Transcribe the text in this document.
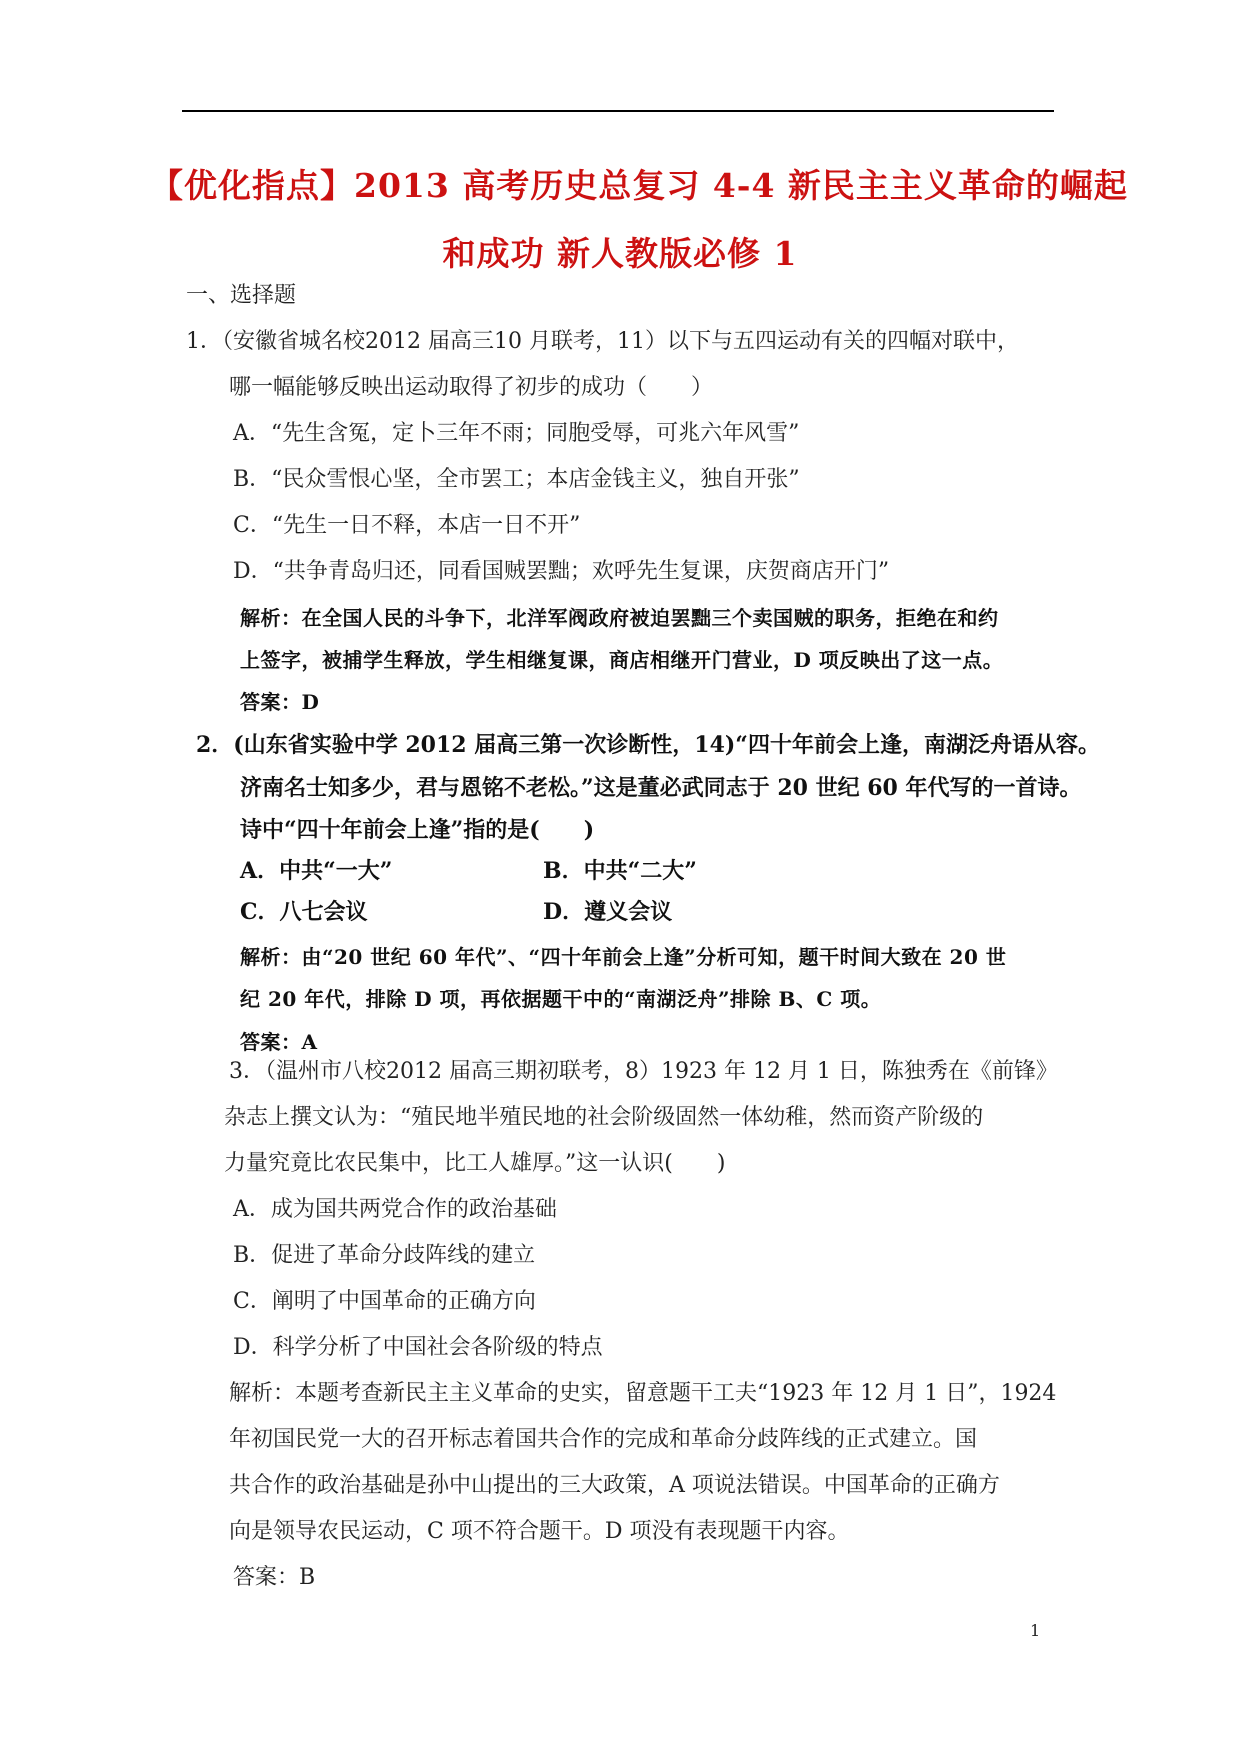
【优化指点】2013 高考历史总复习 4-4 新民主主义革命的崛起
和成功 新人教版必修 1

一、选择题

1．（安徽省城名校2012 届高三10 月联考，11）以下与五四运动有关的四幅对联中，

哪一幅能够反映出运动取得了初步的成功（　　）

A．“先生含冤，定卜三年不雨；同胞受辱，可兆六年风雪”

B．“民众雪恨心坚，全市罢工；本店金钱主义，独自开张”

C．“先生一日不释，本店一日不开”

D．“共争青岛归还，同看国贼罢黜；欢呼先生复课，庆贺商店开门”

解析：在全国人民的斗争下，北洋军阀政府被迫罢黜三个卖国贼的职务，拒绝在和约

上签字，被捕学生释放，学生相继复课，商店相继开门营业，D 项反映出了这一点。

答案：D

2．(山东省实验中学 2012 届高三第一次诊断性，14)“四十年前会上逢，南湖泛舟语从容。

济南名士知多少，君与恩铭不老松。”这是董必武同志于 20 世纪 60 年代写的一首诗。

诗中“四十年前会上逢”指的是(　　)

A．中共“一大”	B．中共“二大”

C．八七会议	D．遵义会议

解析：由“20 世纪 60 年代”、“四十年前会上逢”分析可知，题干时间大致在 20 世

纪 20 年代，排除 D 项，再依据题干中的“南湖泛舟”排除 B、C 项。

答案：A

3．（温州市八校2012 届高三期初联考，8）1923 年 12 月 1 日，陈独秀在《前锋》

杂志上撰文认为：“殖民地半殖民地的社会阶级固然一体幼稚，然而资产阶级的

力量究竟比农民集中，比工人雄厚。”这一认识(　　)

A．成为国共两党合作的政治基础

B．促进了革命分歧阵线的建立

C．阐明了中国革命的正确方向

D．科学分析了中国社会各阶级的特点

解析：本题考查新民主主义革命的史实，留意题干工夫“1923 年 12 月 1 日”，1924

年初国民党一大的召开标志着国共合作的完成和革命分歧阵线的正式建立。国

共合作的政治基础是孙中山提出的三大政策，A 项说法错误。中国革命的正确方

向是领导农民运动，C 项不符合题干。D 项没有表现题干内容。

答案：B

1
